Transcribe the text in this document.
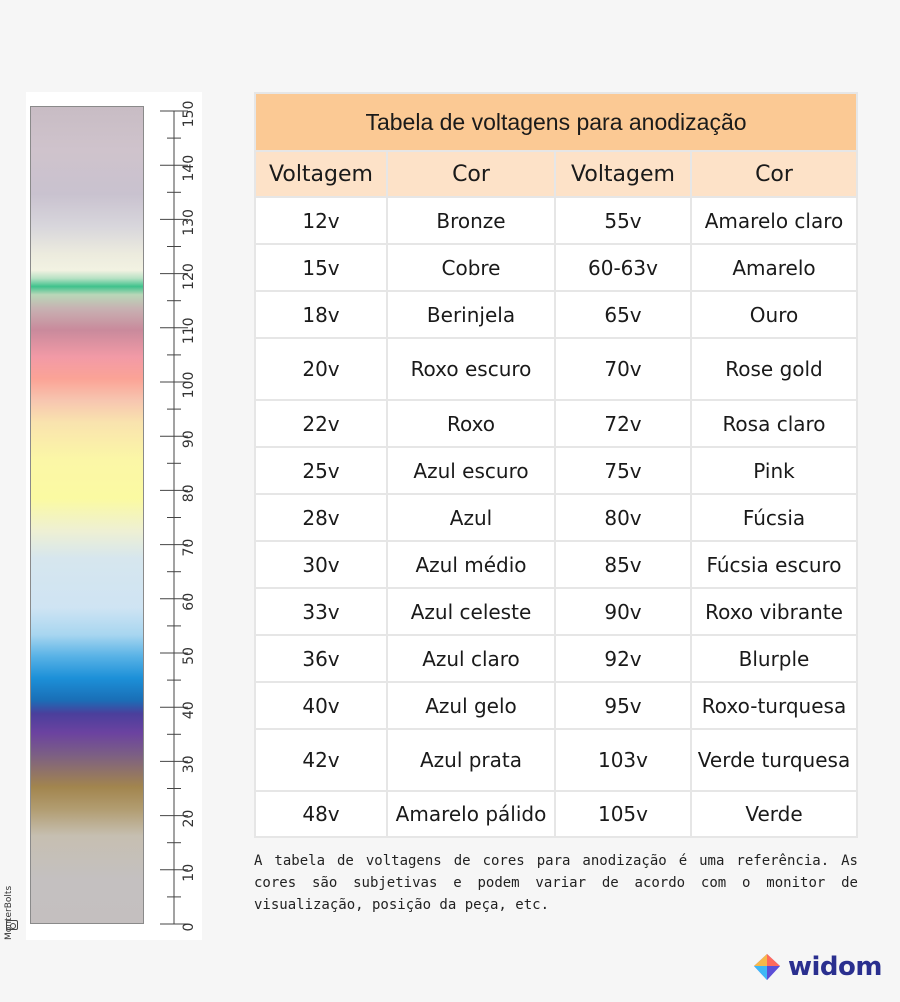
0
10
20
30
40
50
60
70
80
90
100
110
120
130
140
150
MonterBolts
Tabela de voltagens para anodização			
Voltagem	Cor	Voltagem	Cor
12v	Bronze	55v	Amarelo claro
15v	Cobre	60-63v	Amarelo
18v	Berinjela	65v	Ouro
20v	Roxo escuro	70v	Rose gold
22v	Roxo	72v	Rosa claro
25v	Azul escuro	75v	Pink
28v	Azul	80v	Fúcsia
30v	Azul médio	85v	Fúcsia escuro
33v	Azul celeste	90v	Roxo vibrante
36v	Azul claro	92v	Blurple
40v	Azul gelo	95v	Roxo-turquesa
42v	Azul prata	103v	Verde turquesa
48v	Amarelo pálido	105v	Verde

A tabela de voltagens de cores para anodização é uma referência. As cores são subjetivas e podem variar de acordo com o monitor de visualização, posição da peça, etc.

widom
